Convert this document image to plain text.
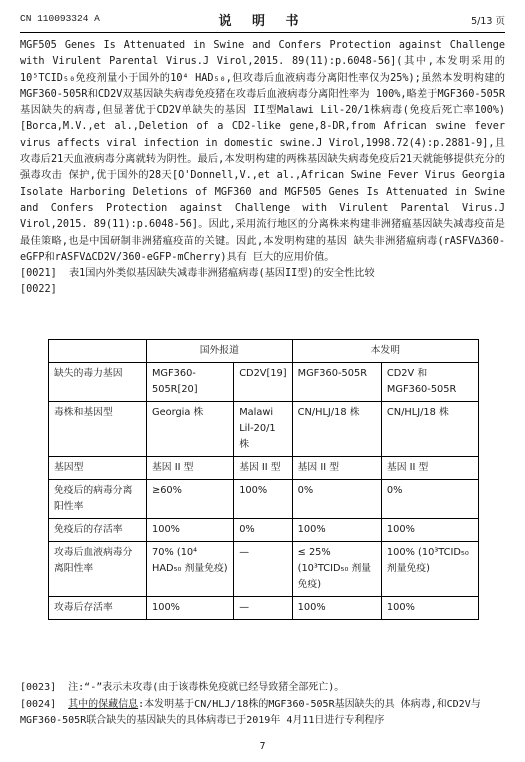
CN 110093324 A	说 明 书	5/13 页

MGF505 Genes Is Attenuated in Swine and Confers Protection against Challenge with Virulent Parental Virus.J Virol,2015. 89(11):p.6048-56](其中,本发明采用的10⁵TCID₅₀免疫剂量小于国外的10⁴ HAD₅₀,但攻毒后血液病毒分离阳性率仅为25%);虽然本发明构建的 MGF360-505R和CD2V双基因缺失病毒免疫猪在攻毒后血液病毒分离阳性率为 100%,略差于MGF360-505R基因缺失的病毒,但显著优于CD2V单缺失的基因 II型Malawi Lil-20/1株病毒(免疫后死亡率100%)[Borca,M.V.,et al.,Deletion of a CD2-like gene,8-DR,from African swine fever virus affects viral infection in domestic swine.J Virol,1998.72(4):p.2881-9],且攻毒后21天血液病毒分离就转为阴性。最后,本发明构建的两株基因缺失病毒免疫后21天就能够提供充分的强毒攻击 保护,优于国外的28天[O'Donnell,V.,et al.,African Swine Fever Virus Georgia Isolate Harboring Deletions of MGF360 and MGF505 Genes Is Attenuated in Swine and Confers Protection against Challenge with Virulent Parental Virus.J Virol,2015. 89(11):p.6048-56]。因此,采用流行地区的分离株来构建非洲猪瘟基因缺失减毒疫苗是最佳策略,也是中国研制非洲猪瘟疫苗的关键。因此,本发明构建的基因 缺失非洲猪瘟病毒(rASFV∆360-eGFP和rASFV∆CD2V/360-eGFP-mCherry)具有 巨大的应用价值。

[0021] 表1国内外类似基因缺失减毒非洲猪瘟病毒(基因II型)的安全性比较

[0022]

	国外报道		本发明	
缺失的毒力基因	MGF360-505R[20]	CD2V[19]	MGF360-505R	CD2V 和 MGF360-505R
毒株和基因型	Georgia 株	Malawi Lil-20/1 株	CN/HLJ/18 株	CN/HLJ/18 株
基因型	基因 II 型	基因 II 型	基因 II 型	基因 II 型
免疫后的病毒分离阳性率	≥60%	100%	0%	0%
免疫后的存活率	100%	0%	100%	100%
攻毒后血液病毒分离阳性率	70% (10⁴ HAD₅₀ 剂量免疫)	—	≤ 25%(10³TCID₅₀ 剂量免疫)	100% (10³TCID₅₀ 剂量免疫)
攻毒后存活率	100%	—	100%	100%

[0023] 注:“-”表示未攻毒(由于该毒株免疫就已经导致猪全部死亡)。

[0024] 其中的保藏信息:本发明基于CN/HLJ/18株的MGF360-505R基因缺失的具 体病毒,和CD2V与MGF360-505R联合缺失的基因缺失的具体病毒已于2019年 4月11日进行专利程序

7
